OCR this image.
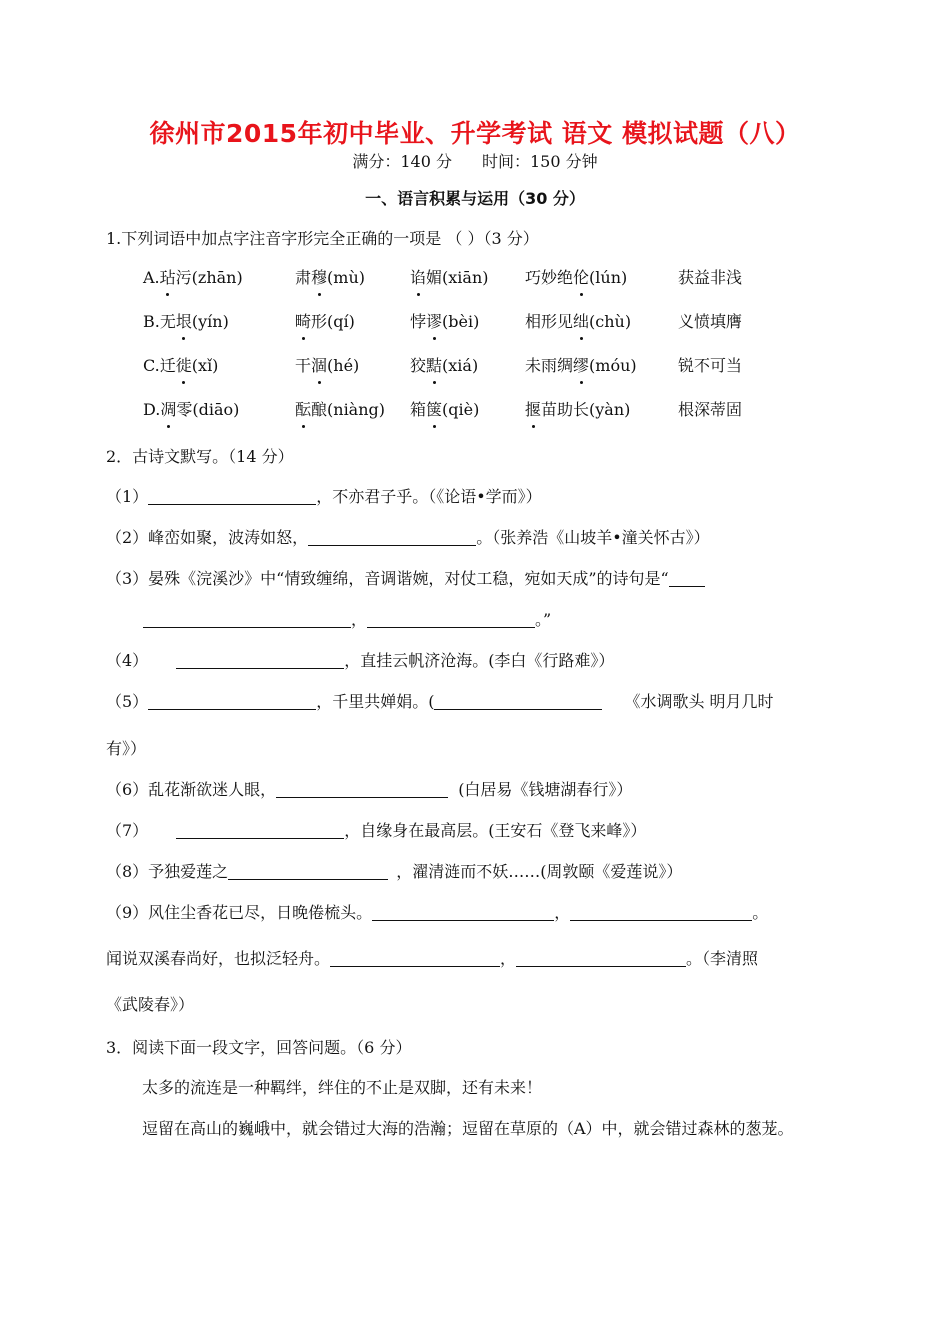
徐州市2015年初中毕业、升学考试 语文 模拟试题（八）
满分：140 分 时间：150 分钟
一、语言积累与运用（30 分）
1.下列词语中加点字注音字形完全正确的一项是 （ ）（3 分）
A.玷污(zhān)	肃穆(mù)	谄媚(xiān) 巧妙绝伦(lún)	获益非浅
B.无垠(yín)	畸形(qí)	悖谬(bèi)	相形见绌(chù)	义愤填膺
C.迁徙(xǐ)	干涸(hé)	狡黠(xiá)	未雨绸缪(móu)	锐不可当
D.凋零(diāo)	酝酿(niàng) 箱箧(qiè)	揠苗助长(yàn)	根深蒂固
2．古诗文默写。（14 分）
（1）	，不亦君子乎。（《论语•学而》）
（2）峰峦如聚，波涛如怒，	。（张养浩《山坡羊•潼关怀古》）
（3）晏殊《浣溪沙》中“情致缠绵，音调谐婉，对仗工稳，宛如天成”的诗句是“
，	。”
（4）	，直挂云帆济沧海。(李白《行路难》）
（5）	，千里共婵娟。(	《水调歌头 明月几时
有》）
（6）乱花渐欲迷人眼，	(白居易《钱塘湖春行》）
（7）	，自缘身在最高层。(王安石《登飞来峰》）
（8）予独爱莲之	，濯清涟而不妖……(周敦颐《爱莲说》）
（9）风住尘香花已尽，日晚倦梳头。	，	。
闻说双溪春尚好，也拟泛轻舟。	，	。（李清照
《武陵春》）
3．阅读下面一段文字，回答问题。（6 分）
太多的流连是一种羁绊，绊住的不止是双脚，还有未来！
逗留在高山的巍峨中，就会错过大海的浩瀚；逗留在草原的（A）中，就会错过森林的葱茏。
